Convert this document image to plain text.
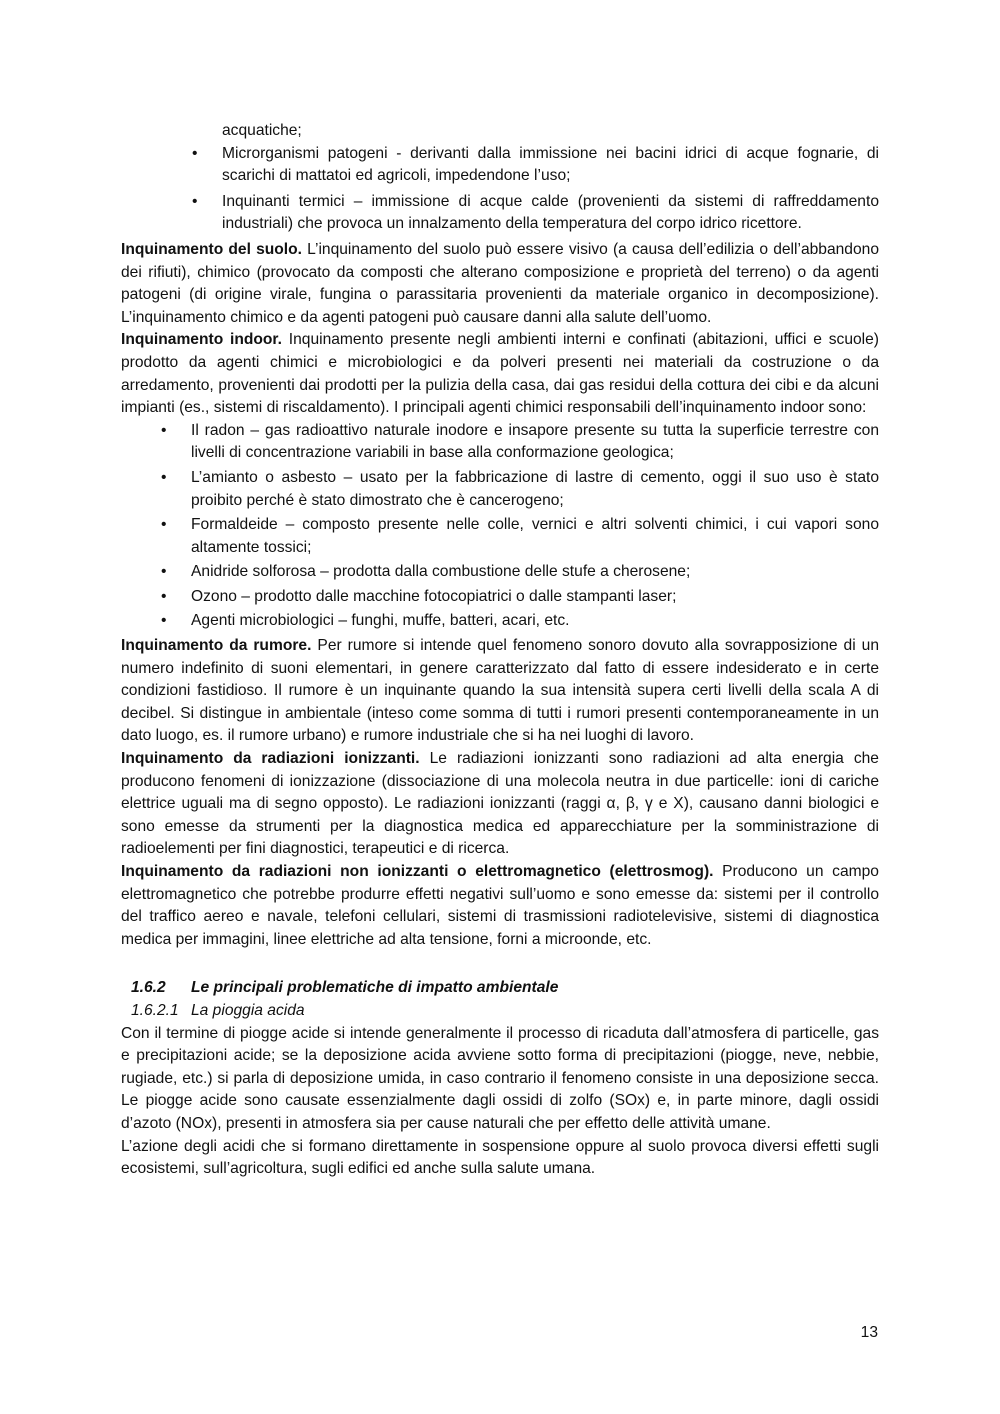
acquatiche;

• Microrganismi patogeni - derivanti dalla immissione nei bacini idrici di acque fognarie, di scarichi di mattatoi ed agricoli, impedendone l’uso;
• Inquinanti termici – immissione di acque calde (provenienti da sistemi di raffreddamento industriali) che provoca un innalzamento della temperatura del corpo idrico ricettore.

Inquinamento del suolo. L’inquinamento del suolo può essere visivo (a causa dell’edilizia o dell’abbandono dei rifiuti), chimico (provocato da composti che alterano composizione e proprietà del terreno) o da agenti patogeni (di origine virale, fungina o parassitaria provenienti da materiale organico in decomposizione). L’inquinamento chimico e da agenti patogeni può causare danni alla salute dell’uomo.

Inquinamento indoor. Inquinamento presente negli ambienti interni e confinati (abitazioni, uffici e scuole) prodotto da agenti chimici e microbiologici e da polveri presenti nei materiali da costruzione o da arredamento, provenienti dai prodotti per la pulizia della casa, dai gas residui della cottura dei cibi e da alcuni impianti (es., sistemi di riscaldamento). I principali agenti chimici responsabili dell’inquinamento indoor sono:

• Il radon – gas radioattivo naturale inodore e insapore presente su tutta la superficie terrestre con livelli di concentrazione variabili in base alla conformazione geologica;
• L’amianto o asbesto – usato per la fabbricazione di lastre di cemento, oggi il suo uso è stato proibito perché è stato dimostrato che è cancerogeno;
• Formaldeide – composto presente nelle colle, vernici e altri solventi chimici, i cui vapori sono altamente tossici;
• Anidride solforosa – prodotta dalla combustione delle stufe a cherosene;
• Ozono – prodotto dalle macchine fotocopiatrici o dalle stampanti laser;
• Agenti microbiologici – funghi, muffe, batteri, acari, etc.

Inquinamento da rumore. Per rumore si intende quel fenomeno sonoro dovuto alla sovrapposizione di un numero indefinito di suoni elementari, in genere caratterizzato dal fatto di essere indesiderato e in certe condizioni fastidioso. Il rumore è un inquinante quando la sua intensità supera certi livelli della scala A di decibel. Si distingue in ambientale (inteso come somma di tutti i rumori presenti contemporaneamente in un dato luogo, es. il rumore urbano) e rumore industriale che si ha nei luoghi di lavoro.

Inquinamento da radiazioni ionizzanti. Le radiazioni ionizzanti sono radiazioni ad alta energia che producono fenomeni di ionizzazione (dissociazione di una molecola neutra in due particelle: ioni di cariche elettrice uguali ma di segno opposto). Le radiazioni ionizzanti (raggi α, β, γ e X), causano danni biologici e sono emesse da strumenti per la diagnostica medica ed apparecchiature per la somministrazione di radioelementi per fini diagnostici, terapeutici e di ricerca.

Inquinamento da radiazioni non ionizzanti o elettromagnetico (elettrosmog). Producono un campo elettromagnetico che potrebbe produrre effetti negativi sull’uomo e sono emesse da: sistemi per il controllo del traffico aereo e navale, telefoni cellulari, sistemi di trasmissioni radiotelevisive, sistemi di diagnostica medica per immagini, linee elettriche ad alta tensione, forni a microonde, etc.

1.6.2 Le principali problematiche di impatto ambientale
1.6.2.1 La pioggia acida

Con il termine di piogge acide si intende generalmente il processo di ricaduta dall’atmosfera di particelle, gas e precipitazioni acide; se la deposizione acida avviene sotto forma di precipitazioni (piogge, neve, nebbie, rugiade, etc.) si parla di deposizione umida, in caso contrario il fenomeno consiste in una deposizione secca. Le piogge acide sono causate essenzialmente dagli ossidi di zolfo (SOx) e, in parte minore, dagli ossidi d’azoto (NOx), presenti in atmosfera sia per cause naturali che per effetto delle attività umane.

L’azione degli acidi che si formano direttamente in sospensione oppure al suolo provoca diversi effetti sugli ecosistemi, sull’agricoltura, sugli edifici ed anche sulla salute umana.

13
